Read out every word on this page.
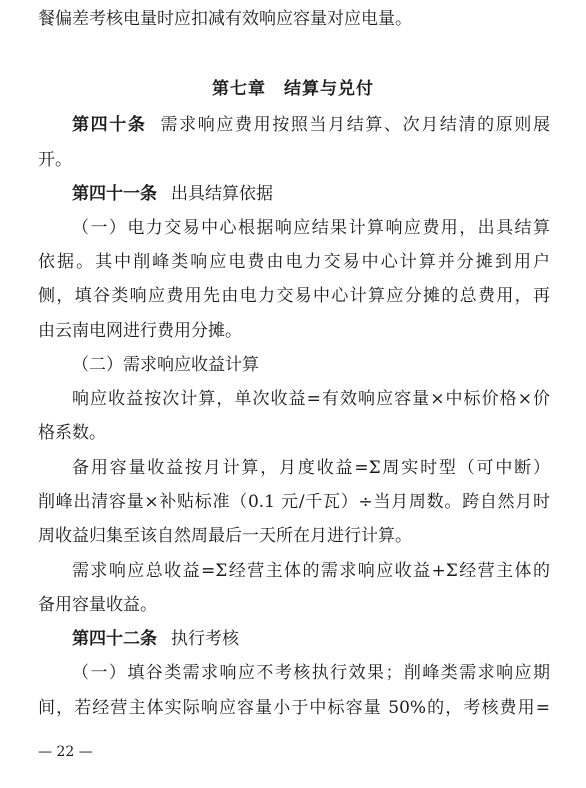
餐偏差考核电量时应扣减有效响应容量对应电量。
第七章　结算与兑付
第四十条 需求响应费用按照当月结算、次月结清的原则展
开。
第四十一条 出具结算依据
（一）电力交易中心根据响应结果计算响应费用，出具结算
依据。其中削峰类响应电费由电力交易中心计算并分摊到用户
侧，填谷类响应费用先由电力交易中心计算应分摊的总费用，再
由云南电网进行费用分摊。
（二）需求响应收益计算
响应收益按次计算，单次收益=有效响应容量×中标价格×价
格系数。
备用容量收益按月计算，月度收益=Σ周实时型（可中断）
削峰出清容量×补贴标准（0.1 元/千瓦）÷当月周数。跨自然月时
周收益归集至该自然周最后一天所在月进行计算。
需求响应总收益=Σ经营主体的需求响应收益+Σ经营主体的
备用容量收益。
第四十二条 执行考核
（一）填谷类需求响应不考核执行效果；削峰类需求响应期
间，若经营主体实际响应容量小于中标容量 50%的，考核费用=
— 22 —
